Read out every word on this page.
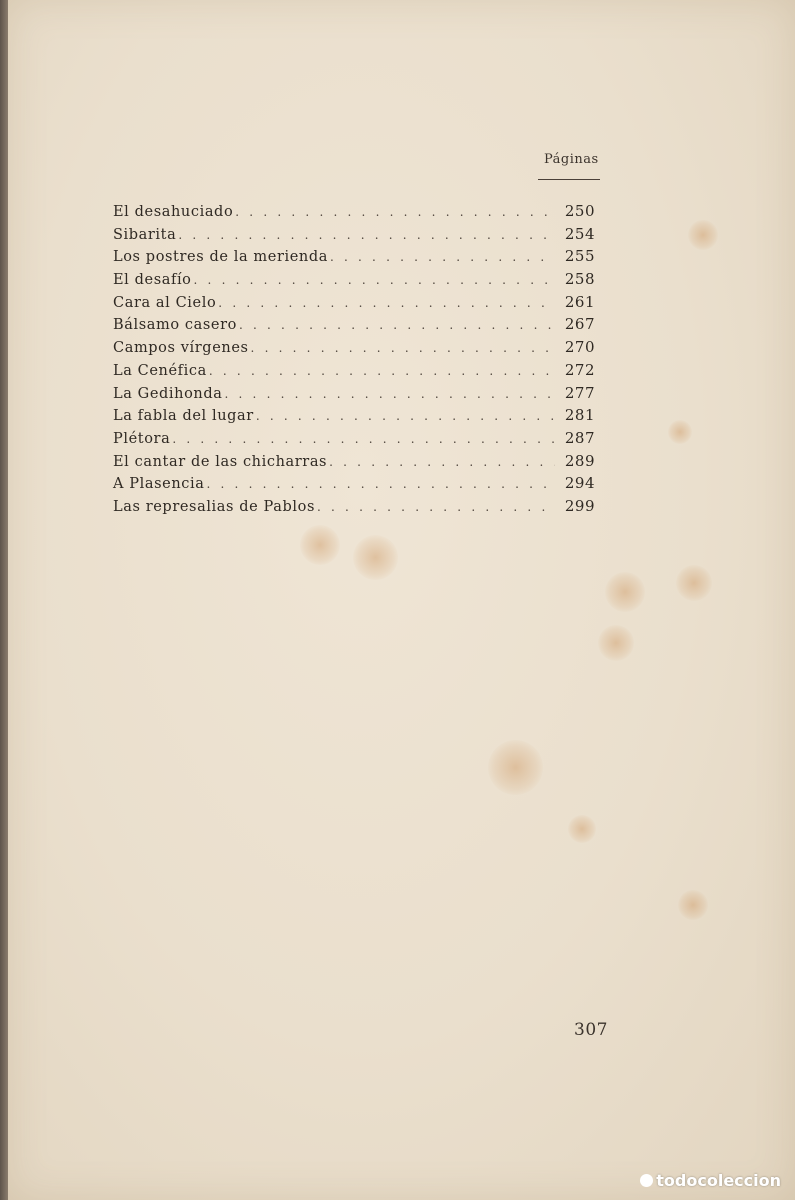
Páginas
El desahuciado . . .	250
Sibarita . . .	254
Los postres de la merienda . . .	255
El desafío . . .	258
Cara al Cielo . . .	261
Bálsamo casero . . .	267
Campos vírgenes . . .	270
La Cenéfica . . .	272
La Gedihonda . . .	277
La fabla del lugar . . .	281
Plétora . . .	287
El cantar de las chicharras . . .	289
A Plasencia . . .	294
Las represalias de Pablos . . .	299
307
todocoleccion
